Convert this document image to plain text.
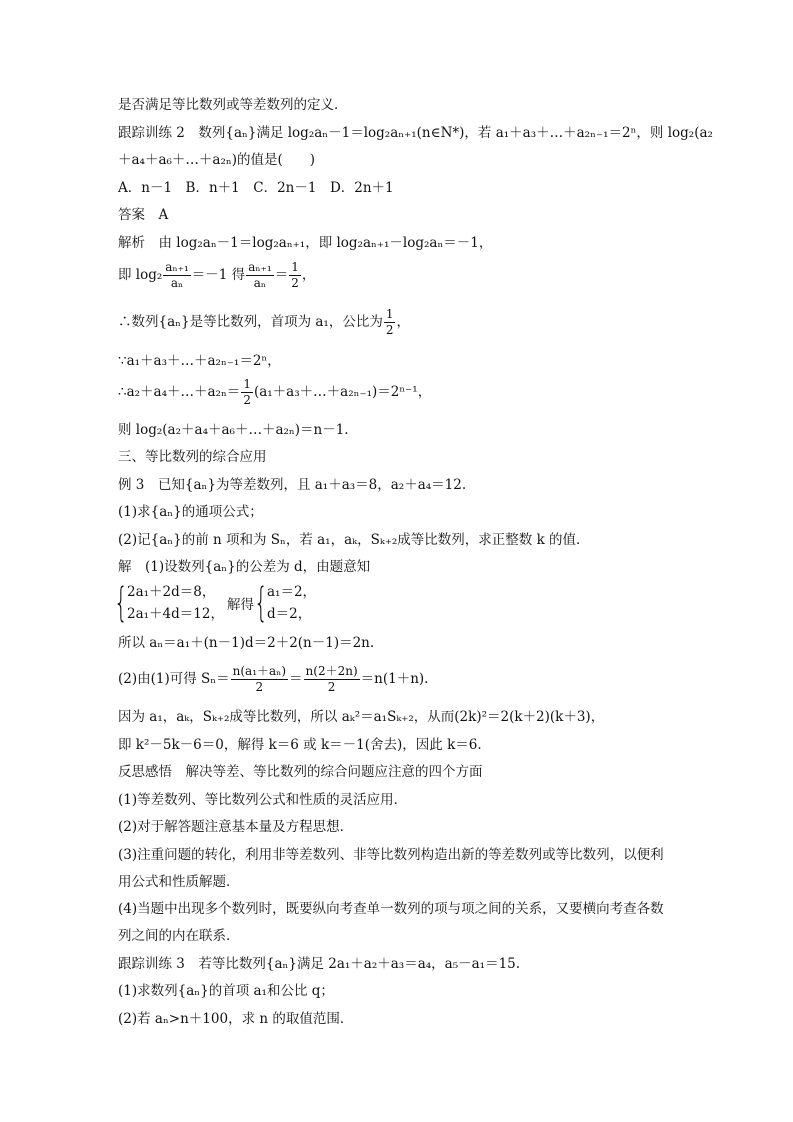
是否满足等比数列或等差数列的定义．
跟踪训练 2　数列{aₙ}满足 log₂aₙ－1＝log₂aₙ₊₁(n∈N*)，若 a₁＋a₃＋…＋a₂ₙ₋₁＝2ⁿ，则 log₂(a₂
＋a₄＋a₆＋…＋a₂ₙ)的值是(　　)
A．n－1　B．n＋1　C．2n－1　D．2n＋1
答案　A
解析　由 log₂aₙ－1＝log₂aₙ₊₁，即 log₂aₙ₊₁－log₂aₙ＝－1，
即 $\log_2 \frac{\text{aₙ₊₁}}{\text{aₙ}} =-1$ 得 $\frac{\text{aₙ₊₁}}{\text{aₙ}} = \frac{1}{2}$ ，
∴数列{aₙ}是等比数列，首项为 a₁，公比为 $\frac{1}{2}$ ，
∵a₁＋a₃＋…＋a₂ₙ₋₁＝2ⁿ，
∴a₂＋a₄＋…＋a₂ₙ＝ $\frac{1}{2}$ (a₁＋a₃＋…＋a₂ₙ₋₁)＝2ⁿ⁻¹，
则 log₂(a₂＋a₄＋a₆＋…＋a₂ₙ)＝n－1.
三、等比数列的综合应用
例 3　已知{aₙ}为等差数列，且 a₁＋a₃＝8，a₂＋a₄＝12.
(1)求{aₙ}的通项公式；
(2)记{aₙ}的前 n 项和为 Sₙ，若 a₁，aₖ，Sₖ₊₂成等比数列，求正整数 k 的值．
解　(1)设数列{aₙ}的公差为 d，由题意知
{ 2a₁＋2d＝8，
2a₁＋4d＝12，
解得 { a₁＝2，
d＝2，
所以 aₙ＝a₁＋(n－1)d＝2＋2(n－1)＝2n.
(2)由(1)可得 $S_n= \frac{\text{n(a₁＋aₙ)}}{2} = \frac{n(2+2n)}{2} =n(1+n)$.
因为 a₁，aₖ，Sₖ₊₂成等比数列，所以 aₖ²＝a₁Sₖ₊₂，从而(2k)²＝2(k＋2)(k＋3)，
即 k²－5k－6＝0，解得 k＝6 或 k＝－1(舍去)，因此 k＝6.
反思感悟　解决等差、等比数列的综合问题应注意的四个方面
(1)等差数列、等比数列公式和性质的灵活应用．
(2)对于解答题注意基本量及方程思想．
(3)注重问题的转化，利用非等差数列、非等比数列构造出新的等差数列或等比数列，以便利
用公式和性质解题．
(4)当题中出现多个数列时，既要纵向考查单一数列的项与项之间的关系，又要横向考查各数
列之间的内在联系．
跟踪训练 3　若等比数列{aₙ}满足 2a₁＋a₂＋a₃＝a₄，a₅－a₁＝15.
(1)求数列{aₙ}的首项 a₁和公比 q；
(2)若 aₙ>n＋100，求 n 的取值范围．
